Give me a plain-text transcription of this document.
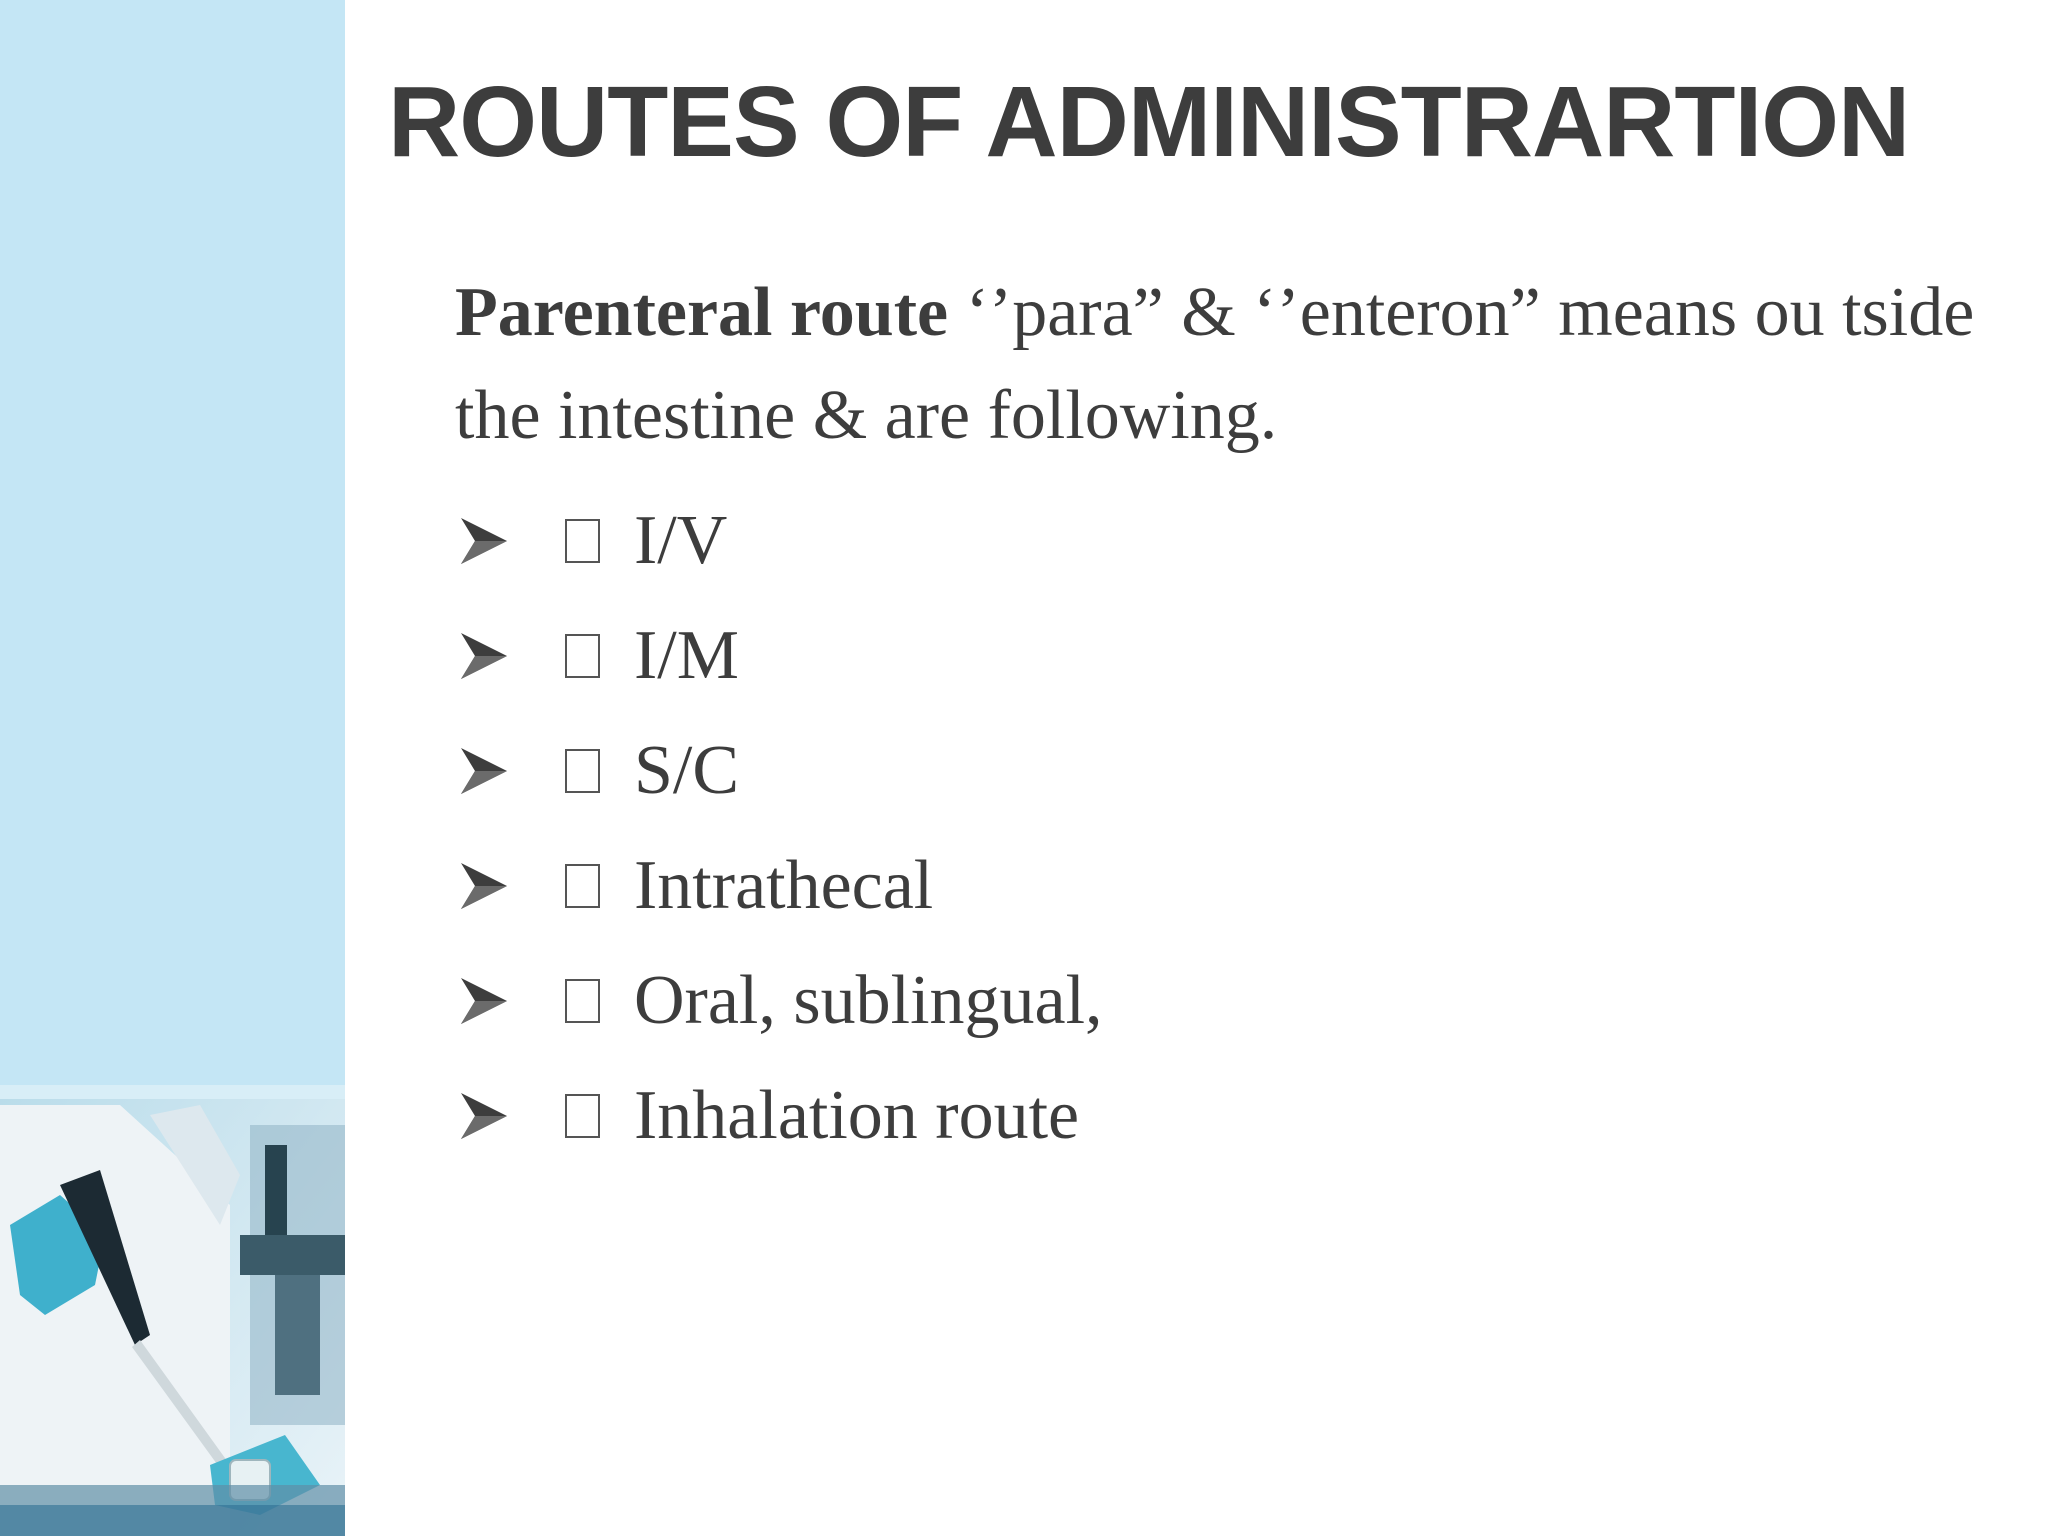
ROUTES OF ADMINISTRARTION

Parenteral route ‘’para” & ‘’enteron” means ou tside

the intestine & are following.

I/V
I/M
S/C
Intrathecal
Oral, sublingual,
Inhalation route
